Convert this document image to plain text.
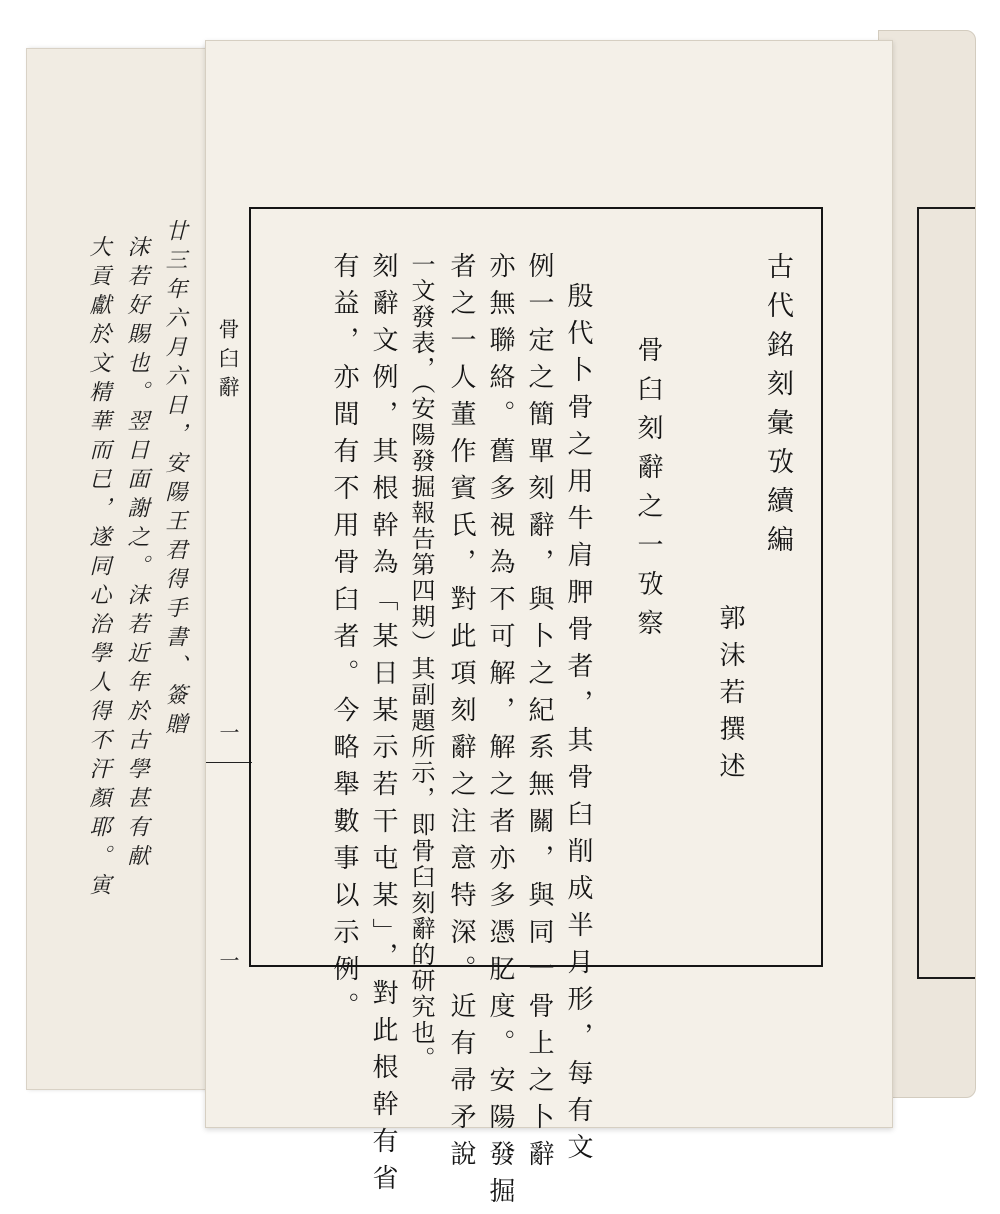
廿三年六月六日，安陽王君得手書、簽贈
沫若好賜也。翌日面謝之。沫若近年於古學甚有献
大貢獻於文精華而已，遂同心治學人得不汗顏耶。寅	骨臼辭
一
一
古代銘刻彙攷續編
骨臼刻辭之一攷察
郭沫若撰述
殷代卜骨之用牛肩胛骨者，其骨臼削成半月形，每有文
例一定之簡單刻辭，與卜之紀系無關，與同一骨上之卜辭
亦無聯絡。舊多視為不可解，解之者亦多憑肊度。安陽發掘
者之一人董作賓氏，對此項刻辭之注意特深。近有帚矛說
一文發表，（安陽發掘報告第四期）其副題所示，即骨臼刻辭的研究也。
刻辭文例，其根幹為「某日某示若干屯某」，對此根幹有省
有益，亦間有不用骨臼者。今略舉數事以示例。
